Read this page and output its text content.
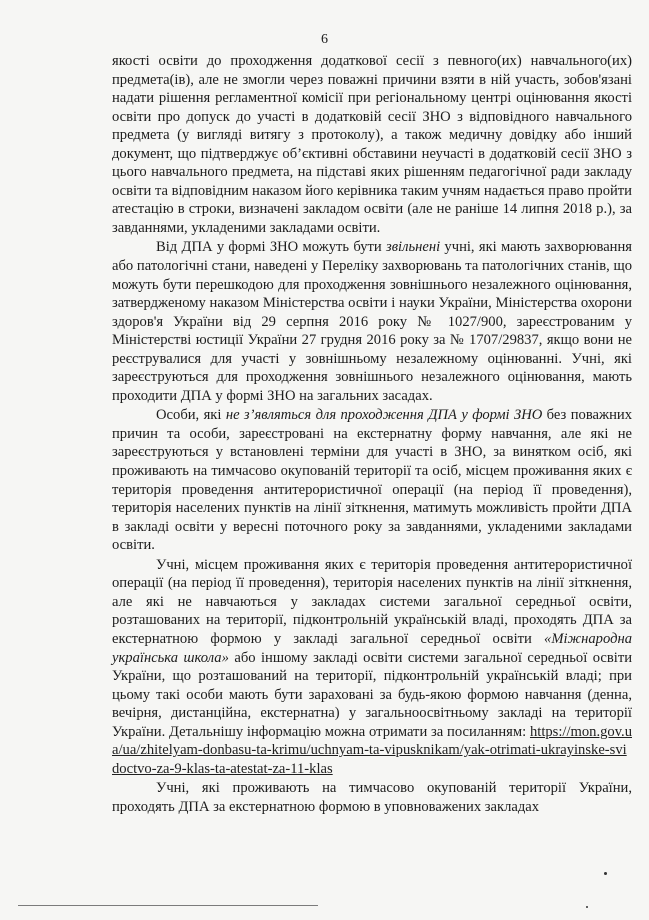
6

якості освіти до проходження додаткової сесії з певного(их) навчального(их) предмета(ів), але не змогли через поважні причини взяти в ній участь, зобов'язані надати рішення регламентної комісії при регіональному центрі оцінювання якості освіти про допуск до участі в додатковій сесії ЗНО з відповідного навчального предмета (у вигляді витягу з протоколу), а також медичну довідку або інший документ, що підтверджує об’єктивні обставини неучасті в додатковій сесії ЗНО з цього навчального предмета, на підставі яких рішенням педагогічної ради закладу освіти та відповідним наказом його керівника таким учням надається право пройти атестацію в строки, визначені закладом освіти (але не раніше 14 липня 2018 р.), за завданнями, укладеними закладами освіти.

Від ДПА у формі ЗНО можуть бути звільнені учні, які мають захворювання або патологічні стани, наведені у Переліку захворювань та патологічних станів, що можуть бути перешкодою для проходження зовнішнього незалежного оцінювання, затвердженому наказом Міністерства освіти і науки України, Міністерства охорони здоров'я України від 29 серпня 2016 року № 1027/900, зареєстрованим у Міністерстві юстиції України 27 грудня 2016 року за № 1707/29837, якщо вони не реєструвалися для участі у зовнішньому незалежному оцінюванні. Учні, які зареєструються для проходження зовнішнього незалежного оцінювання, мають проходити ДПА у формі ЗНО на загальних засадах.

Особи, які не з’являться для проходження ДПА у формі ЗНО без поважних причин та особи, зареєстровані на екстернатну форму навчання, але які не зареєструються у встановлені терміни для участі в ЗНО, за винятком осіб, які проживають на тимчасово окупованій території та осіб, місцем проживання яких є територія проведення антитерористичної операції (на період її проведення), територія населених пунктів на лінії зіткнення, матимуть можливість пройти ДПА в закладі освіти у вересні поточного року за завданнями, укладеними закладами освіти.

Учні, місцем проживання яких є територія проведення антитерористичної операції (на період її проведення), територія населених пунктів на лінії зіткнення, але які не навчаються у закладах системи загальної середньої освіти, розташованих на території, підконтрольній українській владі, проходять ДПА за екстернатною формою у закладі загальної середньої освіти «Міжнародна українська школа» або іншому закладі освіти системи загальної середньої освіти України, що розташований на території, підконтрольній українській владі; при цьому такі особи мають бути зараховані за будь-якою формою навчання (денна, вечірня, дистанційна, екстернатна) у загальноосвітньому закладі на території України. Детальнішу інформацію можна отримати за посиланням: https://mon.gov.ua/ua/zhitelyam-donbasu-ta-krimu/uchnyam-ta-vipusknikam/yak-otrimati-ukrayinske-svidoctvo-za-9-klas-ta-atestat-za-11-klas

Учні, які проживають на тимчасово окупованій території України, проходять ДПА за екстернатною формою в уповноважених закладах
